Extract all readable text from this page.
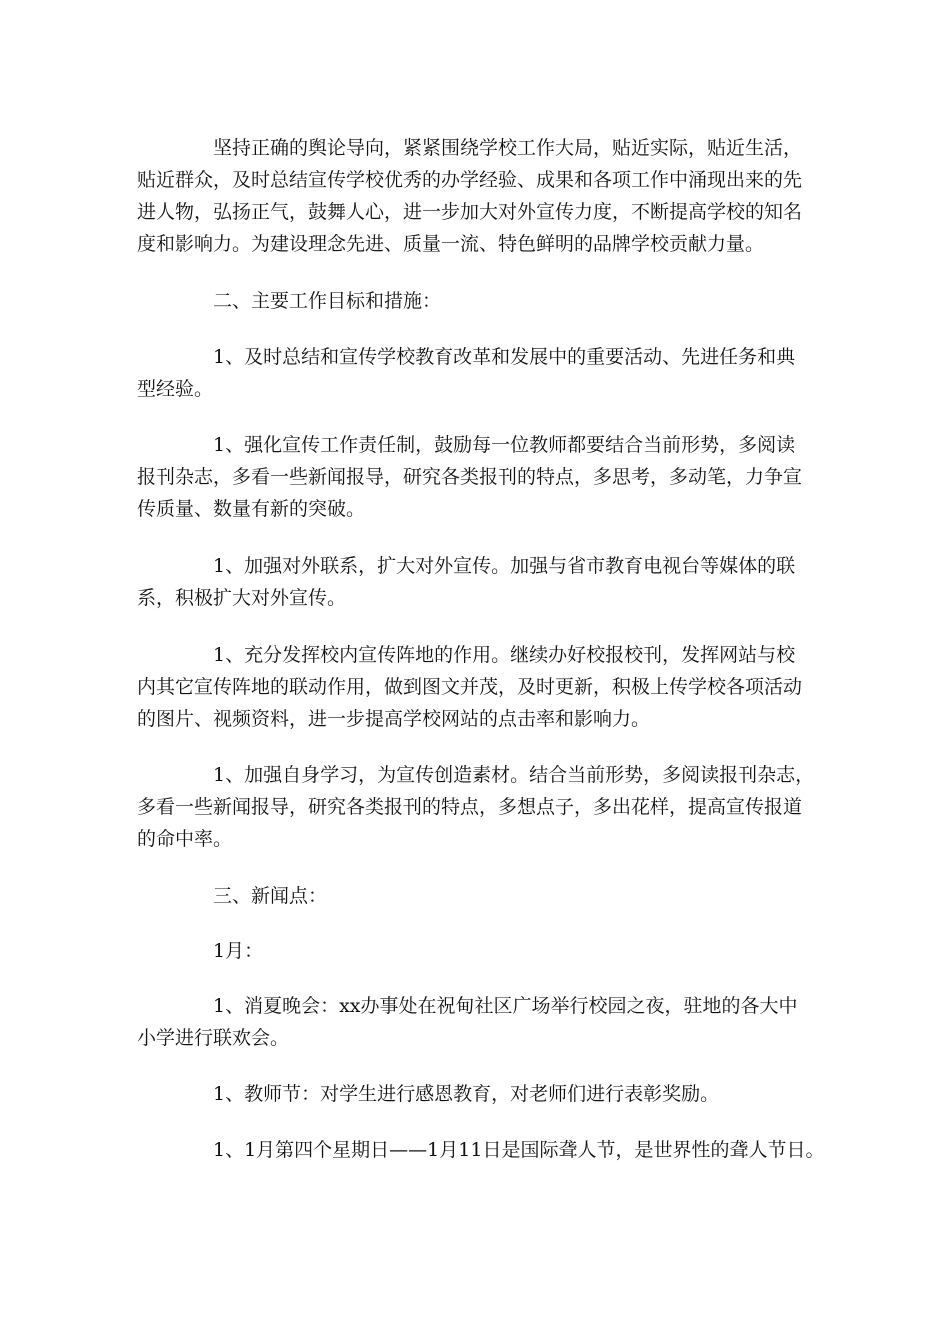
坚持正确的舆论导向，紧紧围绕学校工作大局，贴近实际，贴近生活，
贴近群众，及时总结宣传学校优秀的办学经验、成果和各项工作中涌现出来的先
进人物，弘扬正气，鼓舞人心，进一步加大对外宣传力度，不断提高学校的知名
度和影响力。为建设理念先进、质量一流、特色鲜明的品牌学校贡献力量。

二、主要工作目标和措施：

1、及时总结和宣传学校教育改革和发展中的重要活动、先进任务和典
型经验。

1、强化宣传工作责任制，鼓励每一位教师都要结合当前形势，多阅读
报刊杂志，多看一些新闻报导，研究各类报刊的特点，多思考，多动笔，力争宣
传质量、数量有新的突破。

1、加强对外联系，扩大对外宣传。加强与省市教育电视台等媒体的联
系，积极扩大对外宣传。

1、充分发挥校内宣传阵地的作用。继续办好校报校刊，发挥网站与校
内其它宣传阵地的联动作用，做到图文并茂，及时更新，积极上传学校各项活动
的图片、视频资料，进一步提高学校网站的点击率和影响力。

1、加强自身学习，为宣传创造素材。结合当前形势，多阅读报刊杂志，
多看一些新闻报导，研究各类报刊的特点，多想点子，多出花样，提高宣传报道
的命中率。

三、新闻点：

1月：

1、消夏晚会：xx办事处在祝甸社区广场举行校园之夜，驻地的各大中
小学进行联欢会。

1、教师节：对学生进行感恩教育，对老师们进行表彰奖励。

1、1月第四个星期日——1月11日是国际聋人节，是世界性的聋人节日。
